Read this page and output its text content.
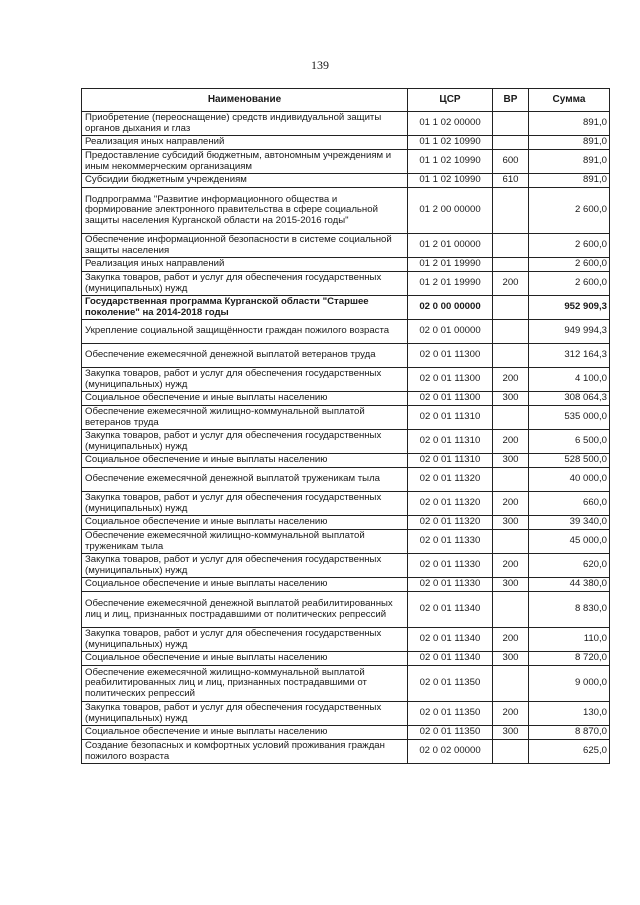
139
Наименование	ЦСР	ВР	Сумма
Приобретение (переоснащение) средств индивидуальной защиты органов дыхания и глаз	01 1 02 00000		891,0
Реализация иных направлений	01 1 02 10990		891,0
Предоставление субсидий бюджетным, автономным учреждениям и иным некоммерческим организациям	01 1 02 10990	600	891,0
Субсидии бюджетным учреждениям	01 1 02 10990	610	891,0
Подпрограмма "Развитие информационного общества и формирование электронного правительства в сфере социальной защиты населения Курганской области на 2015-2016 годы"	01 2 00 00000		2 600,0
Обеспечение информационной безопасности в системе социальной защиты населения	01 2 01 00000		2 600,0
Реализация иных направлений	01 2 01 19990		2 600,0
Закупка товаров, работ и услуг для обеспечения государственных (муниципальных) нужд	01 2 01 19990	200	2 600,0
Государственная программа Курганской области "Старшее поколение" на 2014-2018 годы	02 0 00 00000		952 909,3
Укрепление социальной защищённости граждан пожилого возраста	02 0 01 00000		949 994,3
Обеспечение ежемесячной денежной выплатой ветеранов труда	02 0 01 11300		312 164,3
Закупка товаров, работ и услуг для обеспечения государственных (муниципальных) нужд	02 0 01 11300	200	4 100,0
Социальное обеспечение и иные выплаты населению	02 0 01 11300	300	308 064,3
Обеспечение ежемесячной жилищно-коммунальной выплатой ветеранов труда	02 0 01 11310		535 000,0
Закупка товаров, работ и услуг для обеспечения государственных (муниципальных) нужд	02 0 01 11310	200	6 500,0
Социальное обеспечение и иные выплаты населению	02 0 01 11310	300	528 500,0
Обеспечение ежемесячной денежной выплатой труженикам тыла	02 0 01 11320		40 000,0
Закупка товаров, работ и услуг для обеспечения государственных (муниципальных) нужд	02 0 01 11320	200	660,0
Социальное обеспечение и иные выплаты населению	02 0 01 11320	300	39 340,0
Обеспечение ежемесячной жилищно-коммунальной выплатой труженикам тыла	02 0 01 11330		45 000,0
Закупка товаров, работ и услуг для обеспечения государственных (муниципальных) нужд	02 0 01 11330	200	620,0
Социальное обеспечение и иные выплаты населению	02 0 01 11330	300	44 380,0
Обеспечение ежемесячной денежной выплатой реабилитированных лиц и лиц, признанных пострадавшими от политических репрессий	02 0 01 11340		8 830,0
Закупка товаров, работ и услуг для обеспечения государственных (муниципальных) нужд	02 0 01 11340	200	110,0
Социальное обеспечение и иные выплаты населению	02 0 01 11340	300	8 720,0
Обеспечение ежемесячной жилищно-коммунальной выплатой реабилитированных лиц и лиц, признанных пострадавшими от политических репрессий	02 0 01 11350		9 000,0
Закупка товаров, работ и услуг для обеспечения государственных (муниципальных) нужд	02 0 01 11350	200	130,0
Социальное обеспечение и иные выплаты населению	02 0 01 11350	300	8 870,0
Создание безопасных и комфортных условий проживания граждан пожилого возраста	02 0 02 00000		625,0
